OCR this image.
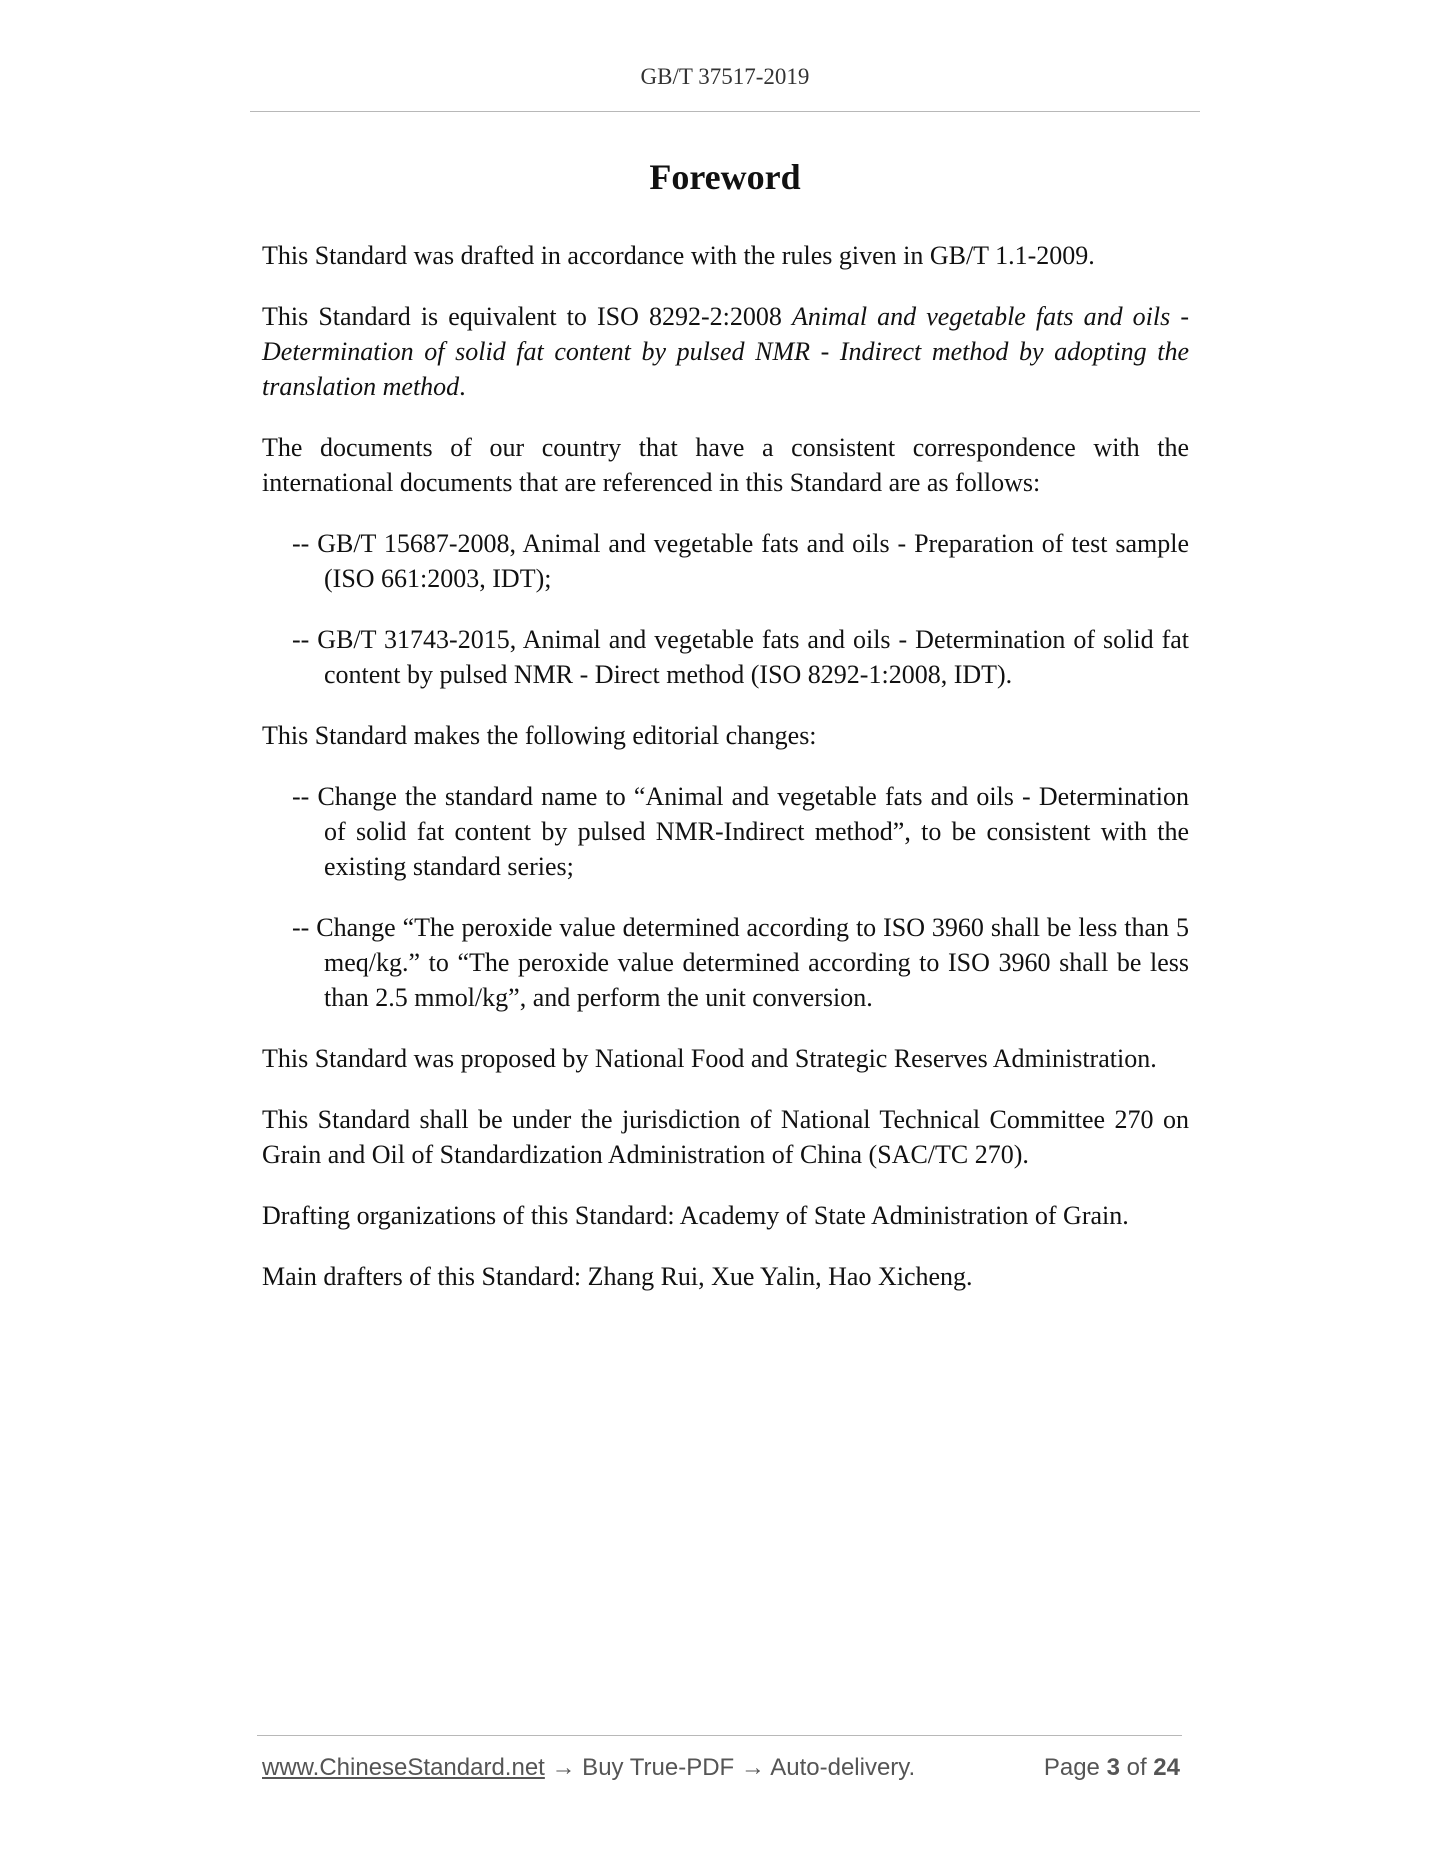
GB/T 37517-2019
Foreword

This Standard was drafted in accordance with the rules given in GB/T 1.1-2009.

This Standard is equivalent to ISO 8292-2:2008 Animal and vegetable fats and oils - Determination of solid fat content by pulsed NMR - Indirect method by adopting the translation method.

The documents of our country that have a consistent correspondence with the international documents that are referenced in this Standard are as follows:

-- GB/T 15687-2008, Animal and vegetable fats and oils - Preparation of test sample (ISO 661:2003, IDT);

-- GB/T 31743-2015, Animal and vegetable fats and oils - Determination of solid fat content by pulsed NMR - Direct method (ISO 8292-1:2008, IDT).

This Standard makes the following editorial changes:

-- Change the standard name to “Animal and vegetable fats and oils - Determination of solid fat content by pulsed NMR-Indirect method”, to be consistent with the existing standard series;

-- Change “The peroxide value determined according to ISO 3960 shall be less than 5 meq/kg.” to “The peroxide value determined according to ISO 3960 shall be less than 2.5 mmol/kg”, and perform the unit conversion.

This Standard was proposed by National Food and Strategic Reserves Administration.

This Standard shall be under the jurisdiction of National Technical Committee 270 on Grain and Oil of Standardization Administration of China (SAC/TC 270).

Drafting organizations of this Standard: Academy of State Administration of Grain.

Main drafters of this Standard: Zhang Rui, Xue Yalin, Hao Xicheng.

www.ChineseStandard.net → Buy True-PDF → Auto-delivery.	Page 3 of 24
